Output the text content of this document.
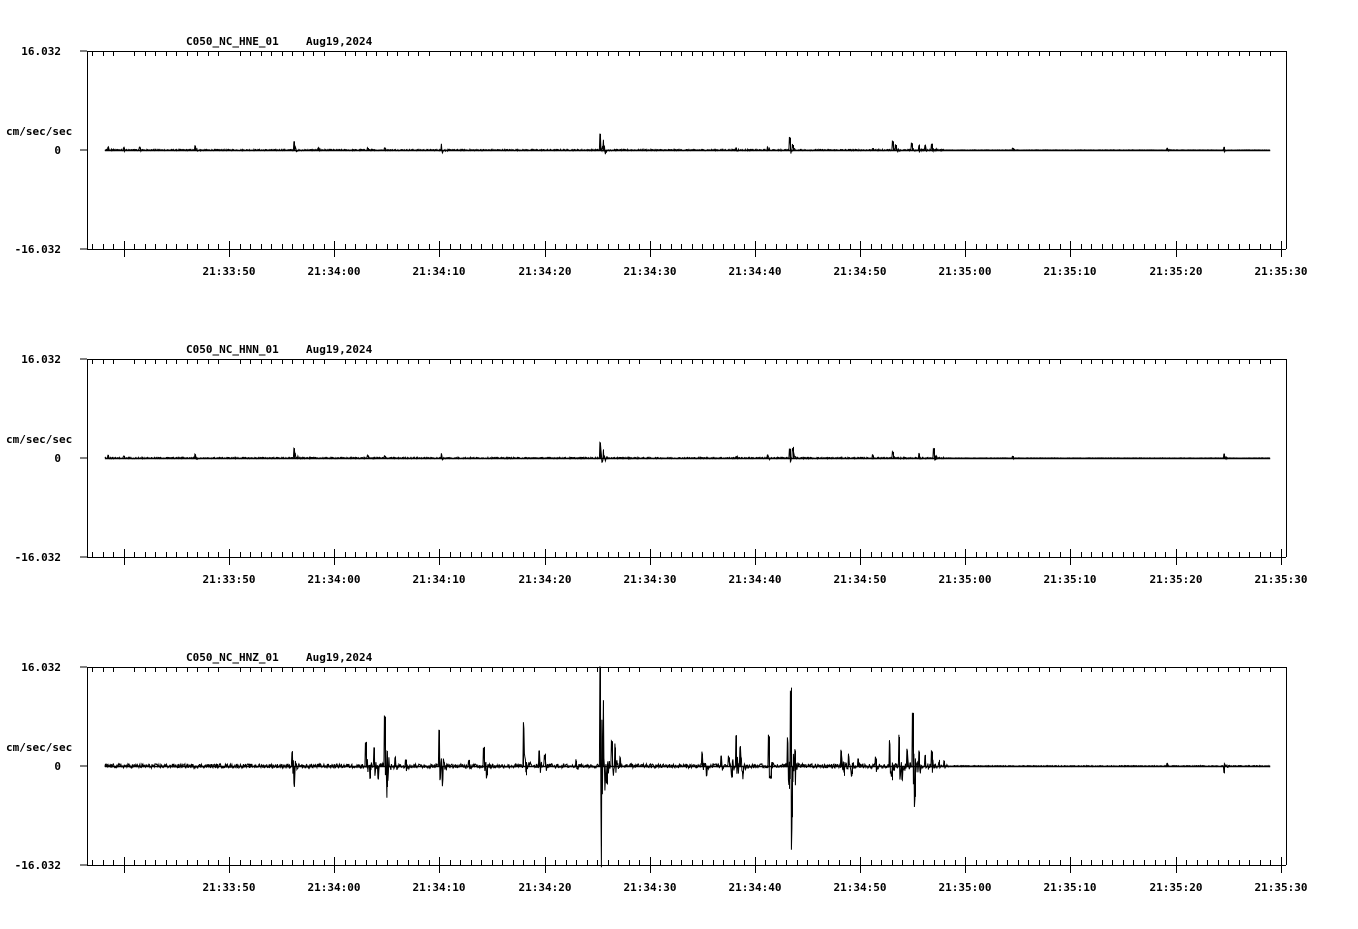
C050_NC_HNE_01 Aug19,2024
16.032
0
-16.032
cm/sec/sec
21:33:50	21:34:00	21:34:10	21:34:20	21:34:30	21:34:40	21:34:50	21:35:00	21:35:10	21:35:20	21:35:30
C050_NC_HNN_01 Aug19,2024
16.032
0
-16.032
cm/sec/sec
21:33:50	21:34:00	21:34:10	21:34:20	21:34:30	21:34:40	21:34:50	21:35:00	21:35:10	21:35:20	21:35:30
C050_NC_HNZ_01 Aug19,2024
16.032
0
-16.032
cm/sec/sec
21:33:50	21:34:00	21:34:10	21:34:20	21:34:30	21:34:40	21:34:50	21:35:00	21:35:10	21:35:20	21:35:30
